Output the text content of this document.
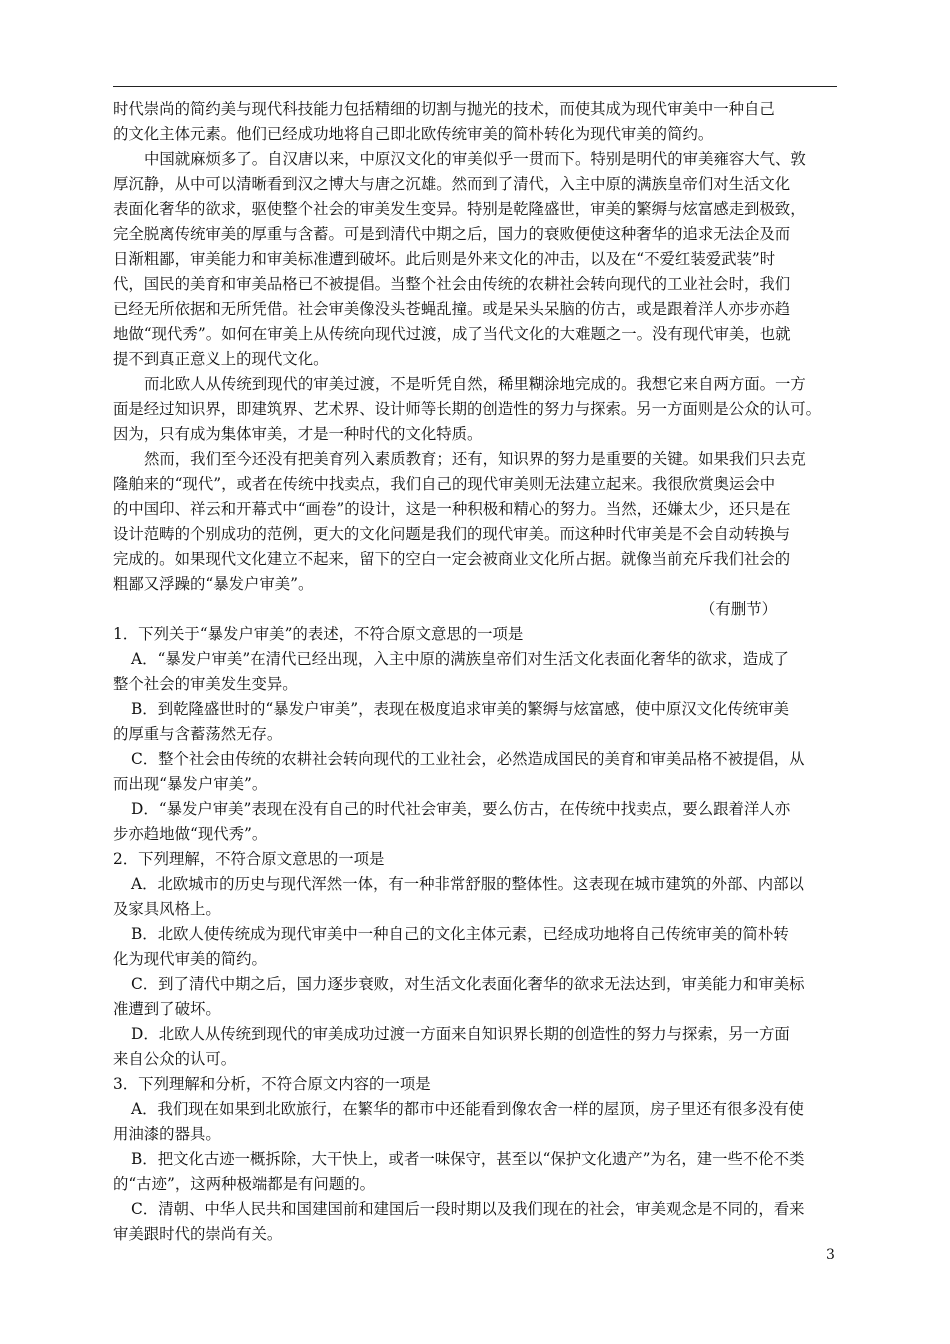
时代崇尚的简约美与现代科技能力包括精细的切割与抛光的技术，而使其成为现代审美中一种自己
的文化主体元素。他们已经成功地将自己即北欧传统审美的简朴转化为现代审美的简约。
中国就麻烦多了。自汉唐以来，中原汉文化的审美似乎一贯而下。特别是明代的审美雍容大气、敦
厚沉静，从中可以清晰看到汉之博大与唐之沉雄。然而到了清代，入主中原的满族皇帝们对生活文化
表面化奢华的欲求，驱使整个社会的审美发生变异。特别是乾隆盛世，审美的繁缛与炫富感走到极致，
完全脱离传统审美的厚重与含蓄。可是到清代中期之后，国力的衰败便使这种奢华的追求无法企及而
日渐粗鄙，审美能力和审美标准遭到破坏。此后则是外来文化的冲击，以及在“不爱红装爱武装”时
代，国民的美育和审美品格已不被提倡。当整个社会由传统的农耕社会转向现代的工业社会时，我们
已经无所依据和无所凭借。社会审美像没头苍蝇乱撞。或是呆头呆脑的仿古，或是跟着洋人亦步亦趋
地做“现代秀”。如何在审美上从传统向现代过渡，成了当代文化的大难题之一。没有现代审美，也就
提不到真正意义上的现代文化。
而北欧人从传统到现代的审美过渡，不是听凭自然，稀里糊涂地完成的。我想它来自两方面。一方
面是经过知识界，即建筑界、艺术界、设计师等长期的创造性的努力与探索。另一方面则是公众的认可。
因为，只有成为集体审美，才是一种时代的文化特质。
然而，我们至今还没有把美育列入素质教育；还有，知识界的努力是重要的关键。如果我们只去克
隆舶来的“现代”，或者在传统中找卖点，我们自己的现代审美则无法建立起来。我很欣赏奥运会中
的中国印、祥云和开幕式中“画卷”的设计，这是一种积极和精心的努力。当然，还嫌太少，还只是在
设计范畴的个别成功的范例，更大的文化问题是我们的现代审美。而这种时代审美是不会自动转换与
完成的。如果现代文化建立不起来，留下的空白一定会被商业文化所占据。就像当前充斥我们社会的
粗鄙又浮躁的“暴发户审美”。
（有删节）
1．下列关于“暴发户审美”的表述，不符合原文意思的一项是
A．“暴发户审美”在清代已经出现，入主中原的满族皇帝们对生活文化表面化奢华的欲求，造成了
整个社会的审美发生变异。
B．到乾隆盛世时的“暴发户审美”，表现在极度追求审美的繁缛与炫富感，使中原汉文化传统审美
的厚重与含蓄荡然无存。
C．整个社会由传统的农耕社会转向现代的工业社会，必然造成国民的美育和审美品格不被提倡，从
而出现“暴发户审美”。
D．“暴发户审美”表现在没有自己的时代社会审美，要么仿古，在传统中找卖点，要么跟着洋人亦
步亦趋地做“现代秀”。
2．下列理解，不符合原文意思的一项是
A．北欧城市的历史与现代浑然一体，有一种非常舒服的整体性。这表现在城市建筑的外部、内部以
及家具风格上。
B．北欧人使传统成为现代审美中一种自己的文化主体元素，已经成功地将自己传统审美的简朴转
化为现代审美的简约。
C．到了清代中期之后，国力逐步衰败，对生活文化表面化奢华的欲求无法达到，审美能力和审美标
准遭到了破坏。
D．北欧人从传统到现代的审美成功过渡一方面来自知识界长期的创造性的努力与探索，另一方面
来自公众的认可。
3．下列理解和分析，不符合原文内容的一项是
A．我们现在如果到北欧旅行，在繁华的都市中还能看到像农舍一样的屋顶，房子里还有很多没有使
用油漆的器具。
B．把文化古迹一概拆除，大干快上，或者一味保守，甚至以“保护文化遗产”为名，建一些不伦不类
的“古迹”，这两种极端都是有问题的。
C．清朝、中华人民共和国建国前和建国后一段时期以及我们现在的社会，审美观念是不同的，看来
审美跟时代的崇尚有关。
3
